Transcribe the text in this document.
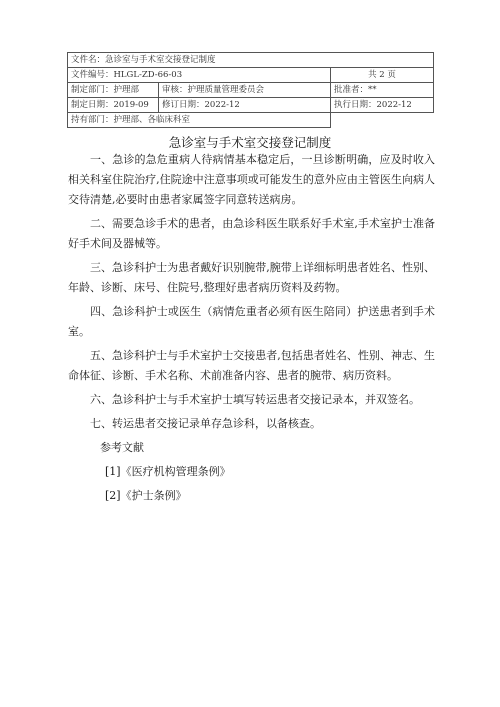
文件名：急诊室与手术室交接登记制度		
文件编号：HLGL-ZD-66-03		共 2 页
制定部门：护理部	审核：护理质量管理委员会	批准者：**
制定日期：2019-09	修订日期：2022-12	执行日期：2022-12
持有部门：护理部、各临床科室		
急诊室与手术室交接登记制度

一、急诊的急危重病人待病情基本稳定后，一旦诊断明确，应及时收入相关科室住院治疗,住院途中注意事项或可能发生的意外应由主管医生向病人交待清楚,必要时由患者家属签字同意转送病房。

二、需要急诊手术的患者，由急诊科医生联系好手术室,手术室护士准备好手术间及器械等。

三、急诊科护士为患者戴好识别腕带,腕带上详细标明患者姓名、性别、年龄、诊断、床号、住院号,整理好患者病历资料及药物。

四、急诊科护士或医生（病情危重者必须有医生陪同）护送患者到手术室。

五、急诊科护士与手术室护士交接患者,包括患者姓名、性别、神志、生命体征、诊断、手术名称、术前准备内容、患者的腕带、病历资料。

六、急诊科护士与手术室护士填写转运患者交接记录本，并双签名。

七、转运患者交接记录单存急诊科，以备核查。

参考文献

[1]《医疗机构管理条例》

[2]《护士条例》
